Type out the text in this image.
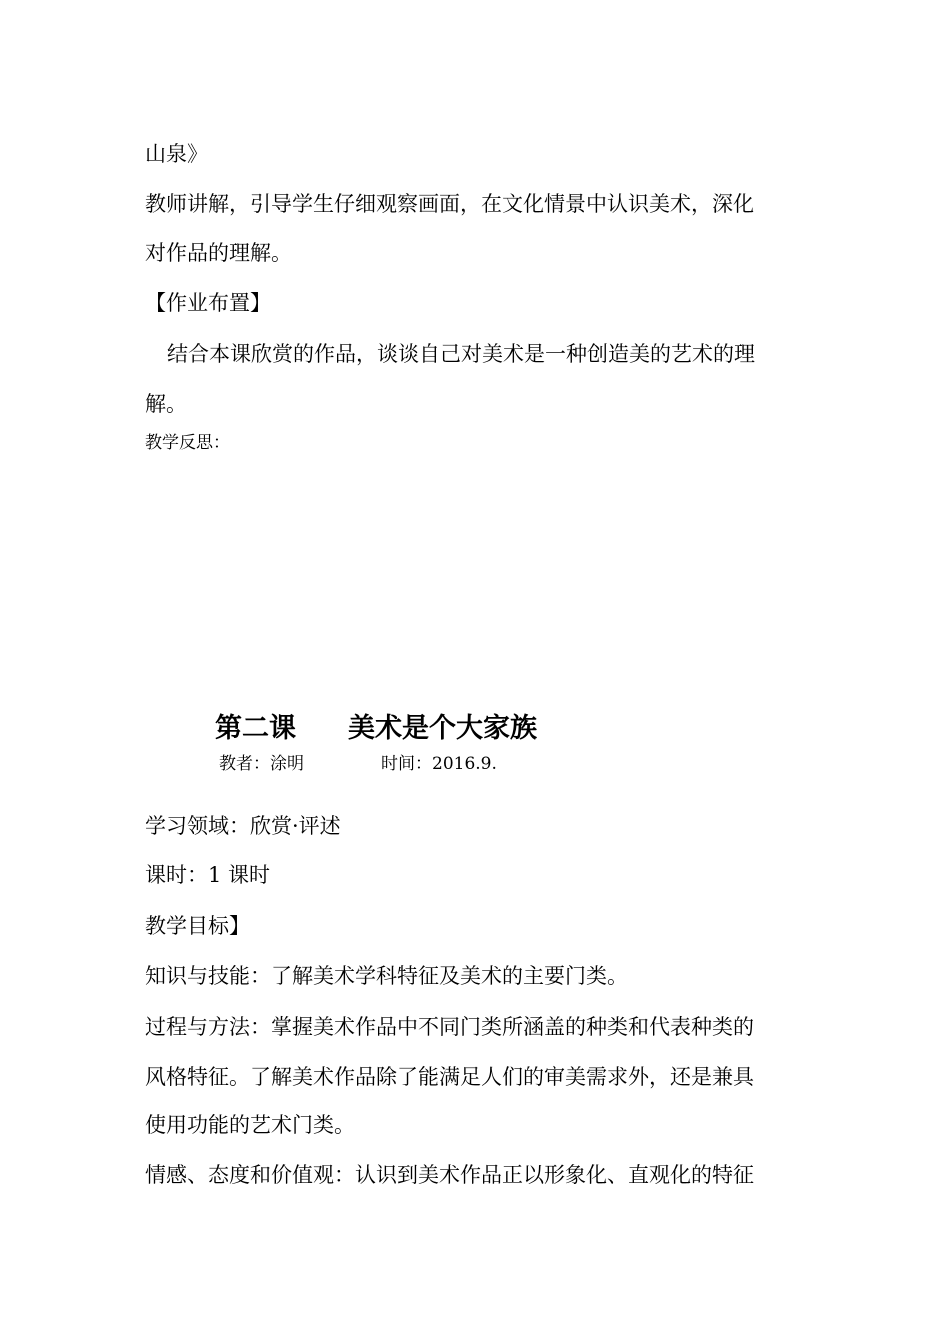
山泉》
教师讲解，引导学生仔细观察画面，在文化情景中认识美术，深化
对作品的理解。
【作业布置】
结合本课欣赏的作品，谈谈自己对美术是一种创造美的艺术的理
解。
教学反思：
第二课 美术是个大家族
教者：涂明	时间：2016.9.
学习领域：欣赏·评述
课时：1 课时
教学目标】
知识与技能：了解美术学科特征及美术的主要门类。
过程与方法：掌握美术作品中不同门类所涵盖的种类和代表种类的
风格特征。了解美术作品除了能满足人们的审美需求外，还是兼具
使用功能的艺术门类。
情感、态度和价值观：认识到美术作品正以形象化、直观化的特征
